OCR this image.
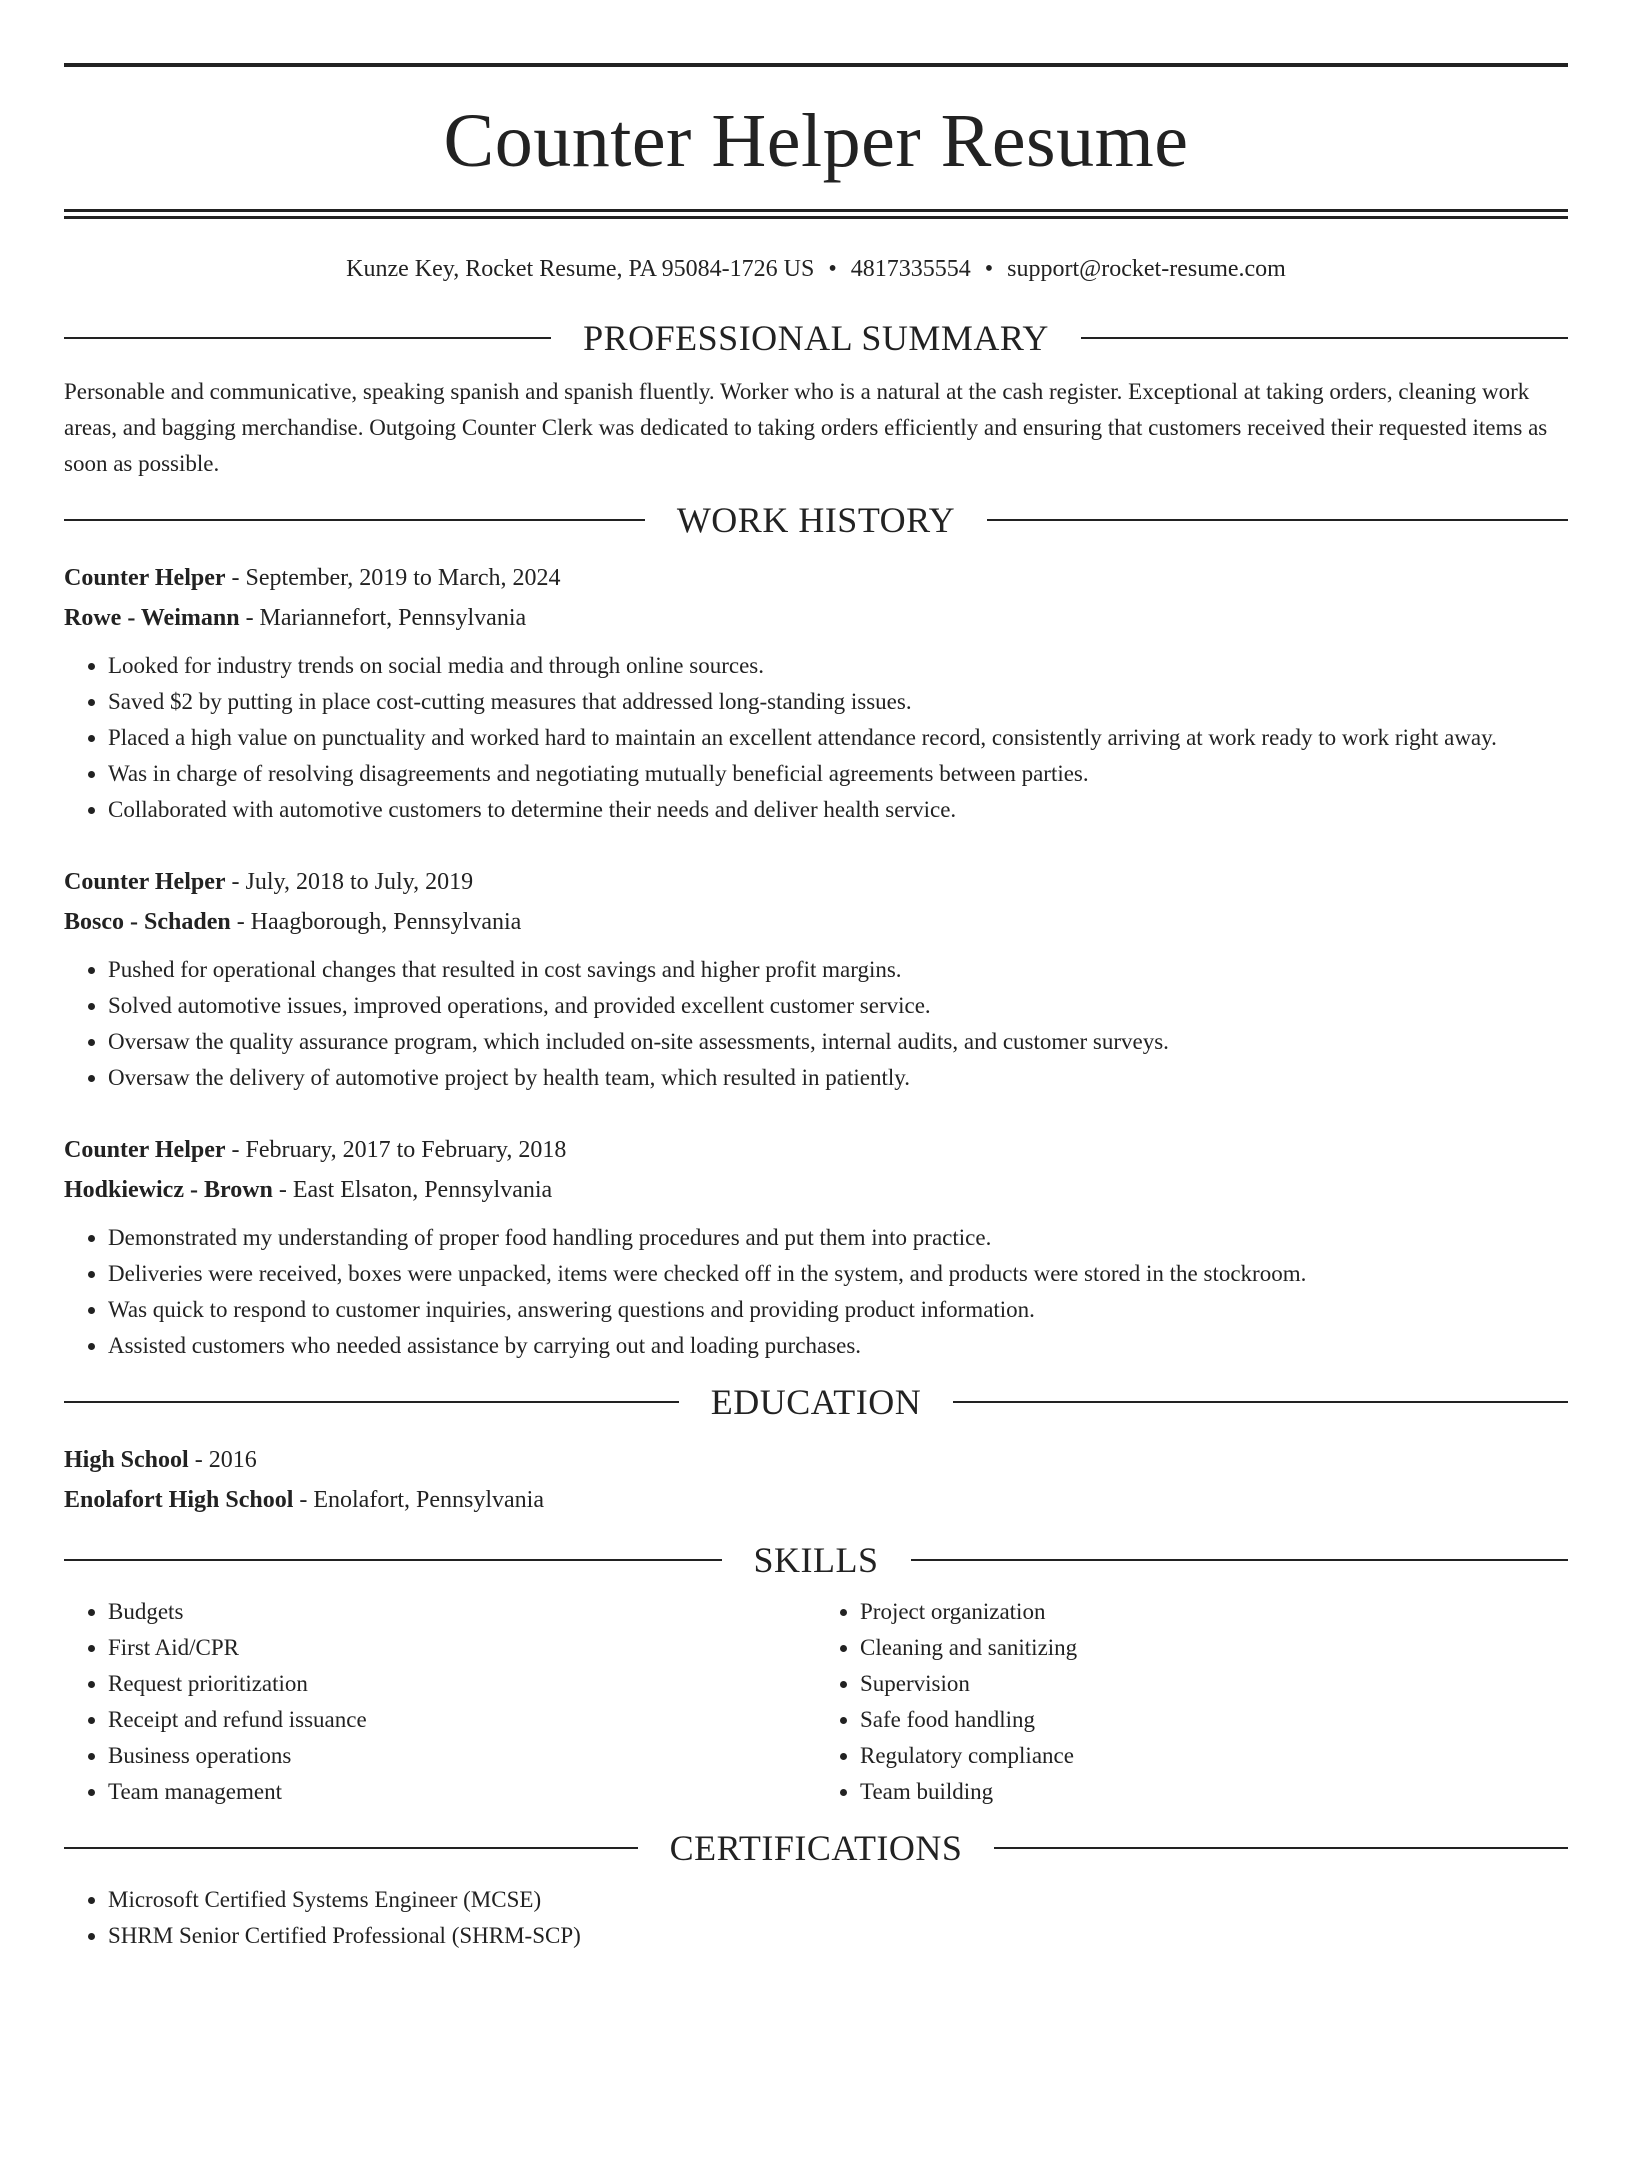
Counter Helper Resume
Kunze Key, Rocket Resume, PA 95084-1726 US • 4817335554 • support@rocket-resume.com
PROFESSIONAL SUMMARY

Personable and communicative, speaking spanish and spanish fluently. Worker who is a natural at the cash register. Exceptional at taking orders, cleaning work areas, and bagging merchandise. Outgoing Counter Clerk was dedicated to taking orders efficiently and ensuring that customers received their requested items as soon as possible.

WORK HISTORY
Counter Helper - September, 2019 to March, 2024
Rowe - Weimann - Mariannefort, Pennsylvania
• Looked for industry trends on social media and through online sources.
• Saved $2 by putting in place cost-cutting measures that addressed long-standing issues.
• Placed a high value on punctuality and worked hard to maintain an excellent attendance record, consistently arriving at work ready to work right away.
• Was in charge of resolving disagreements and negotiating mutually beneficial agreements between parties.
• Collaborated with automotive customers to determine their needs and deliver health service.
Counter Helper - July, 2018 to July, 2019
Bosco - Schaden - Haagborough, Pennsylvania
• Pushed for operational changes that resulted in cost savings and higher profit margins.
• Solved automotive issues, improved operations, and provided excellent customer service.
• Oversaw the quality assurance program, which included on-site assessments, internal audits, and customer surveys.
• Oversaw the delivery of automotive project by health team, which resulted in patiently.
Counter Helper - February, 2017 to February, 2018
Hodkiewicz - Brown - East Elsaton, Pennsylvania
• Demonstrated my understanding of proper food handling procedures and put them into practice.
• Deliveries were received, boxes were unpacked, items were checked off in the system, and products were stored in the stockroom.
• Was quick to respond to customer inquiries, answering questions and providing product information.
• Assisted customers who needed assistance by carrying out and loading purchases.
EDUCATION
High School - 2016
Enolafort High School - Enolafort, Pennsylvania
SKILLS
• Budgets
• First Aid/CPR
• Request prioritization
• Receipt and refund issuance
• Business operations
• Team management
• Project organization
• Cleaning and sanitizing
• Supervision
• Safe food handling
• Regulatory compliance
• Team building
CERTIFICATIONS
• Microsoft Certified Systems Engineer (MCSE)
• SHRM Senior Certified Professional (SHRM-SCP)
